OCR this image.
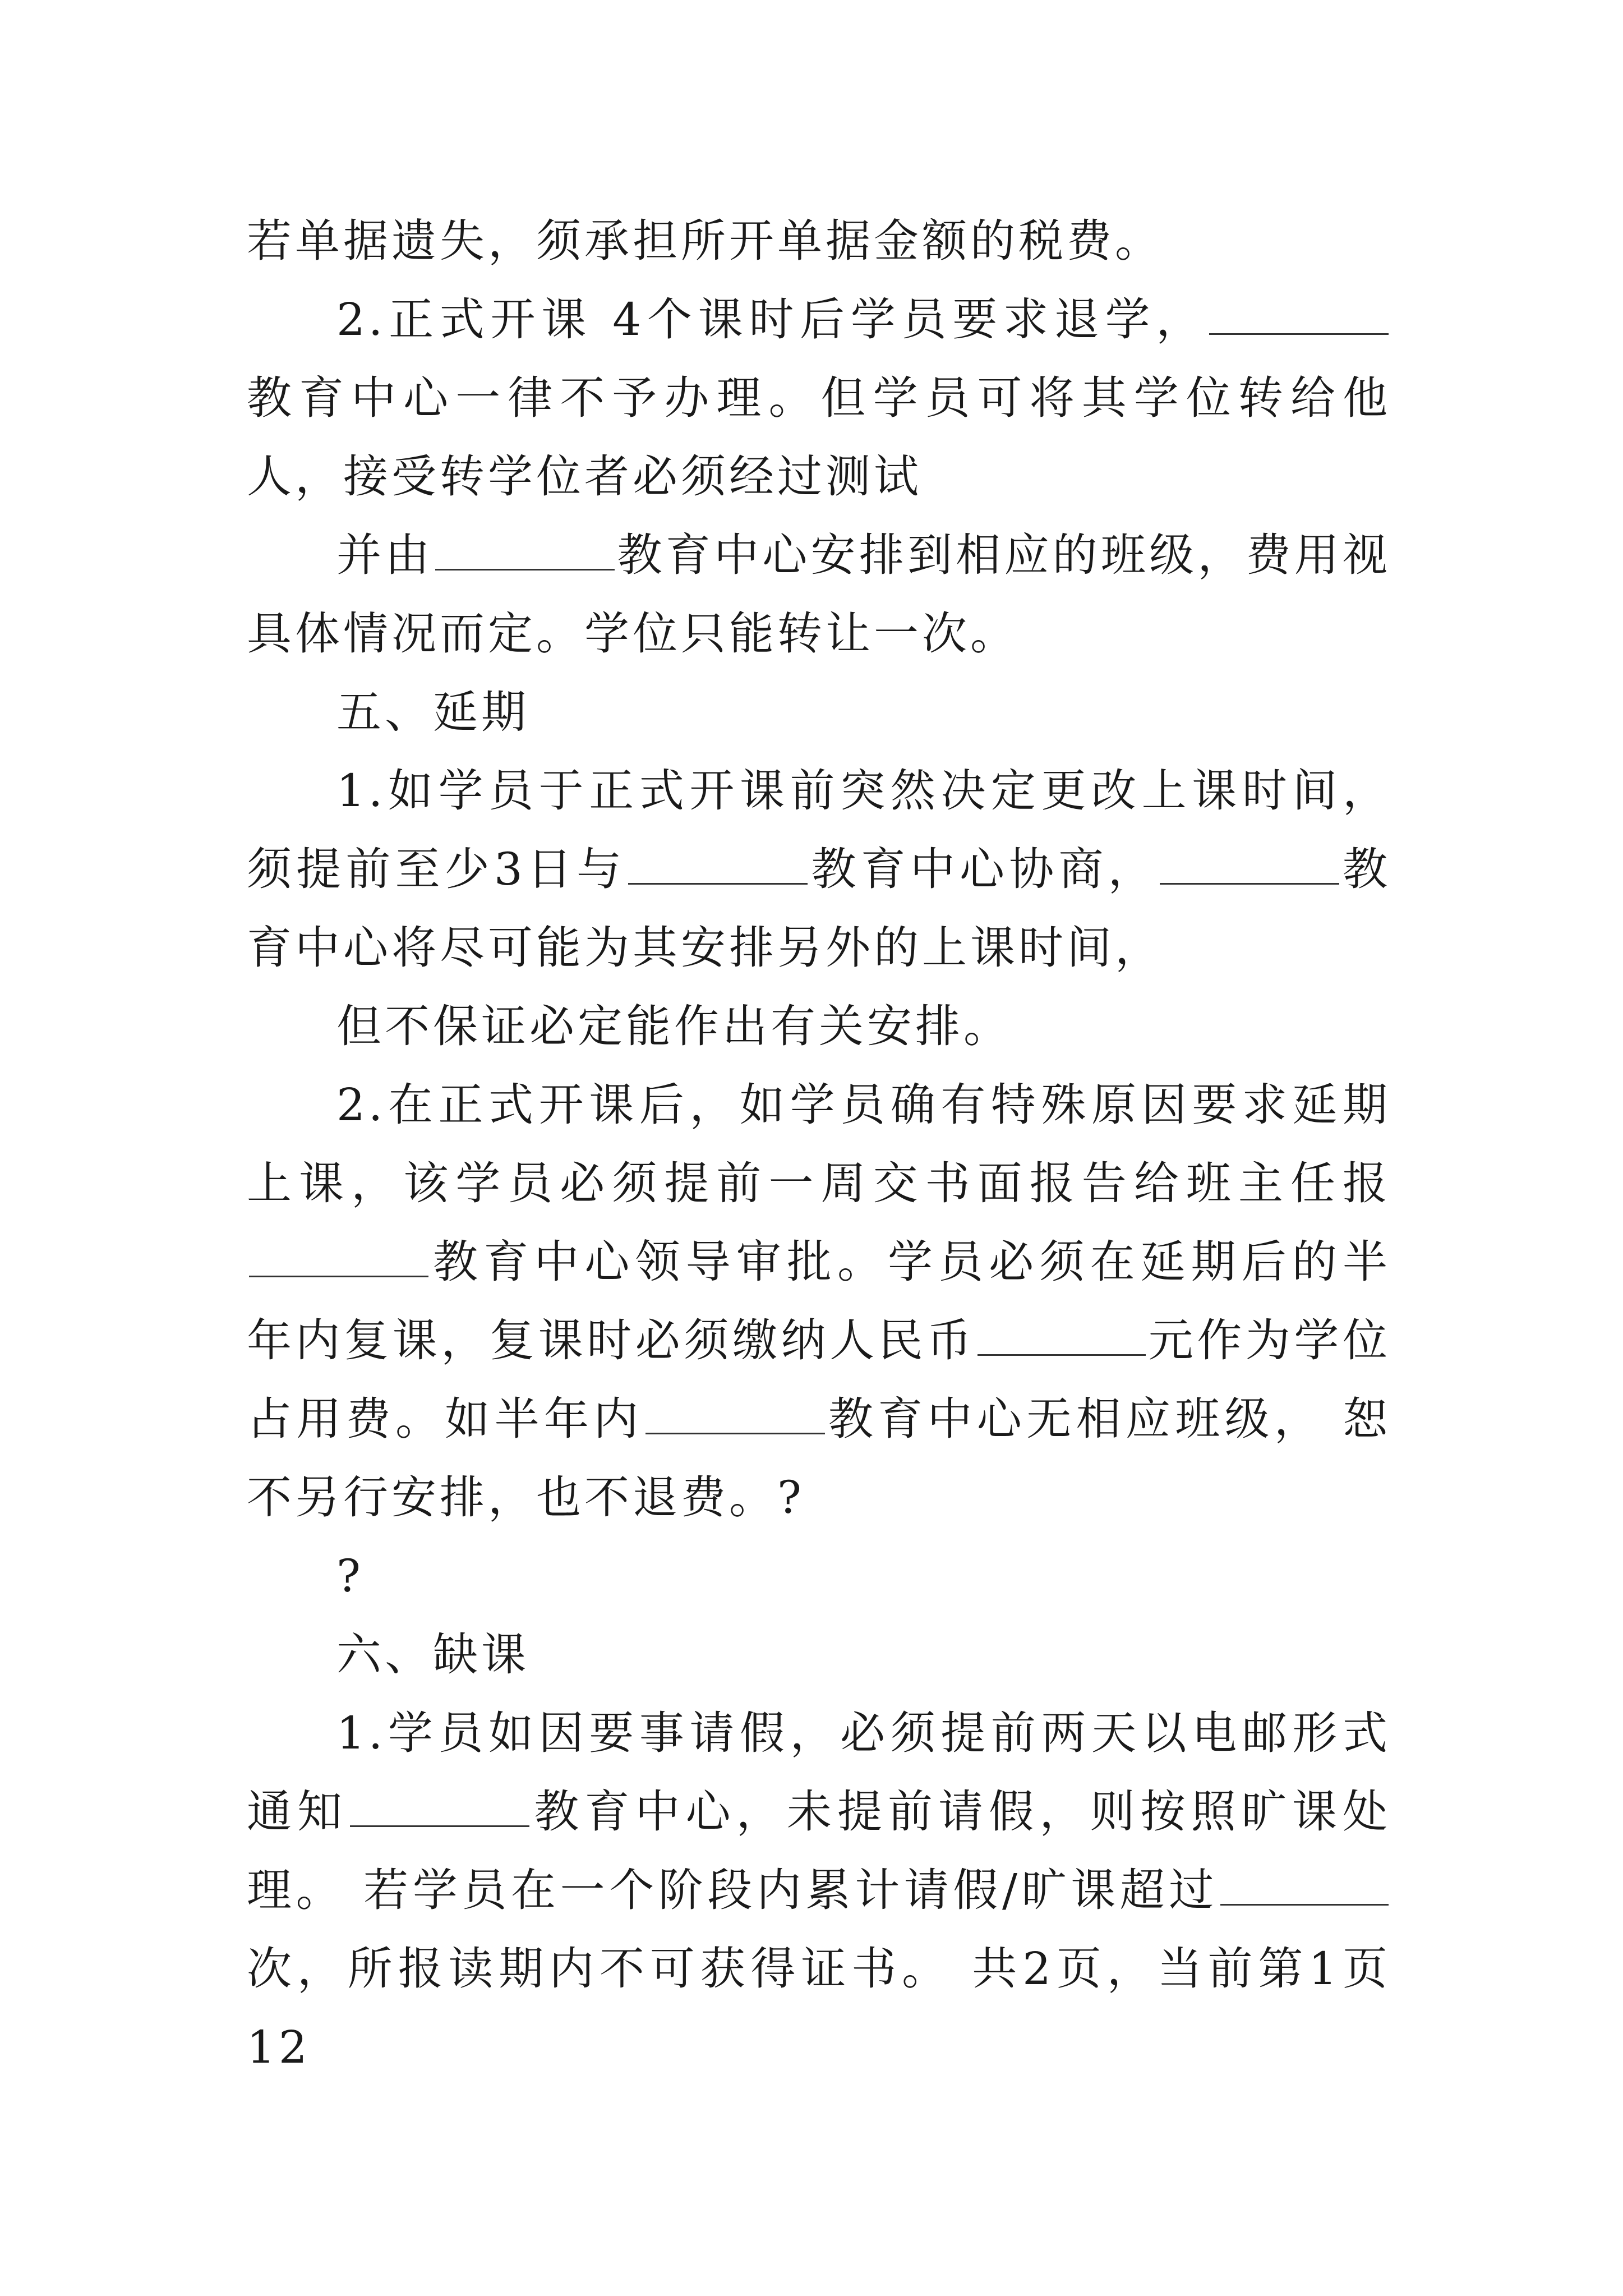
若单据遗失，须承担所开单据金额的税费。

2.正式开课 4个课时后学员要求退学，教育中心一律不予办理。但学员可将其学位转给他人，接受转学位者必须经过测试

并由	教育中心安排到相应的班级，费用视具体情况而定。学位只能转让一次。

五、延期

1.如学员于正式开课前突然决定更改上课时间，须提前至少3日与	教育中心协商，	教育中心将尽可能为其安排另外的上课时间，

但不保证必定能作出有关安排。

2.在正式开课后，如学员确有特殊原因要求延期上课，该学员必须提前一周交书面报告给班主任报教育中心领导审批。学员必须在延期后的半年内复课，复课时必须缴纳人民币	元作为学位占用费。如半年内	教育中心无相应班级， 恕不另行安排，也不退费。?

?

六、缺课

1.学员如因要事请假，必须提前两天以电邮形式通知	教育中心，未提前请假，则按照旷课处理。 若学员在一个阶段内累计请假/旷课超过次，所报读期内不可获得证书。 共2页，当前第1页12
